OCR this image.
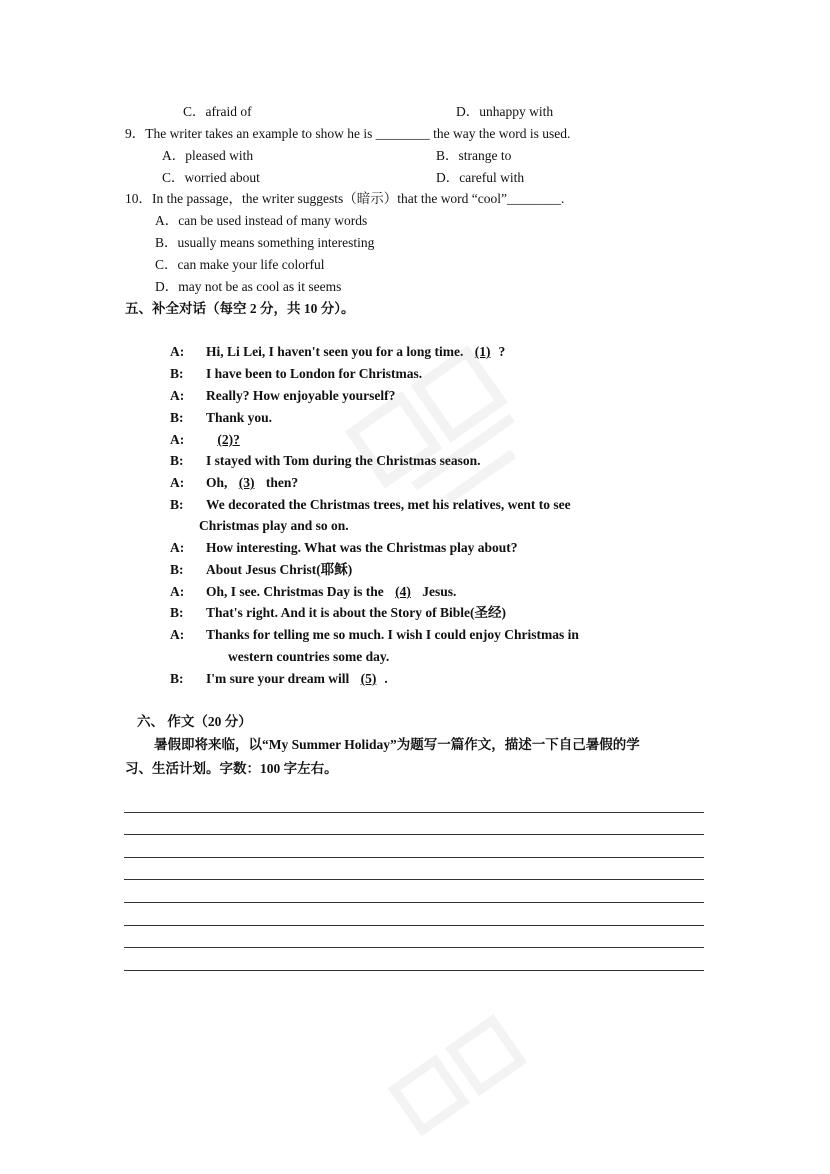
C．afraid of	D．unhappy with
9．The writer takes an example to show he is ________ the way the word is used.
A．pleased with	B．strange to
C．worried about	D．careful with
10．In the passage，the writer suggests（暗示）that the word “cool”________.
A．can be used instead of many words
B．usually means something interesting
C．can make your life colorful
D．may not be as cool as it seems
五、补全对话（每空 2 分，共 10 分）。
A: Hi, Li Lei, I haven't seen you for a long time. (1) ?
B: I have been to London for Christmas.
A: Really? How enjoyable yourself?
B: Thank you.
A: (2)?
B: I stayed with Tom during the Christmas season.
A: Oh, (3) then?
B: We decorated the Christmas trees, met his relatives, went to see
Christmas play and so on.
A: How interesting. What was the Christmas play about?
B: About Jesus Christ(耶稣)
A: Oh, I see. Christmas Day is the (4) Jesus.
B: That's right. And it is about the Story of Bible(圣经)
A: Thanks for telling me so much. I wish I could enjoy Christmas in
western countries some day.
B: I'm sure your dream will (5) .
六、 作文（20 分）
暑假即将来临，以“My Summer Holiday”为题写一篇作文，描述一下自己暑假的学
习、生活计划。字数：100 字左右。
